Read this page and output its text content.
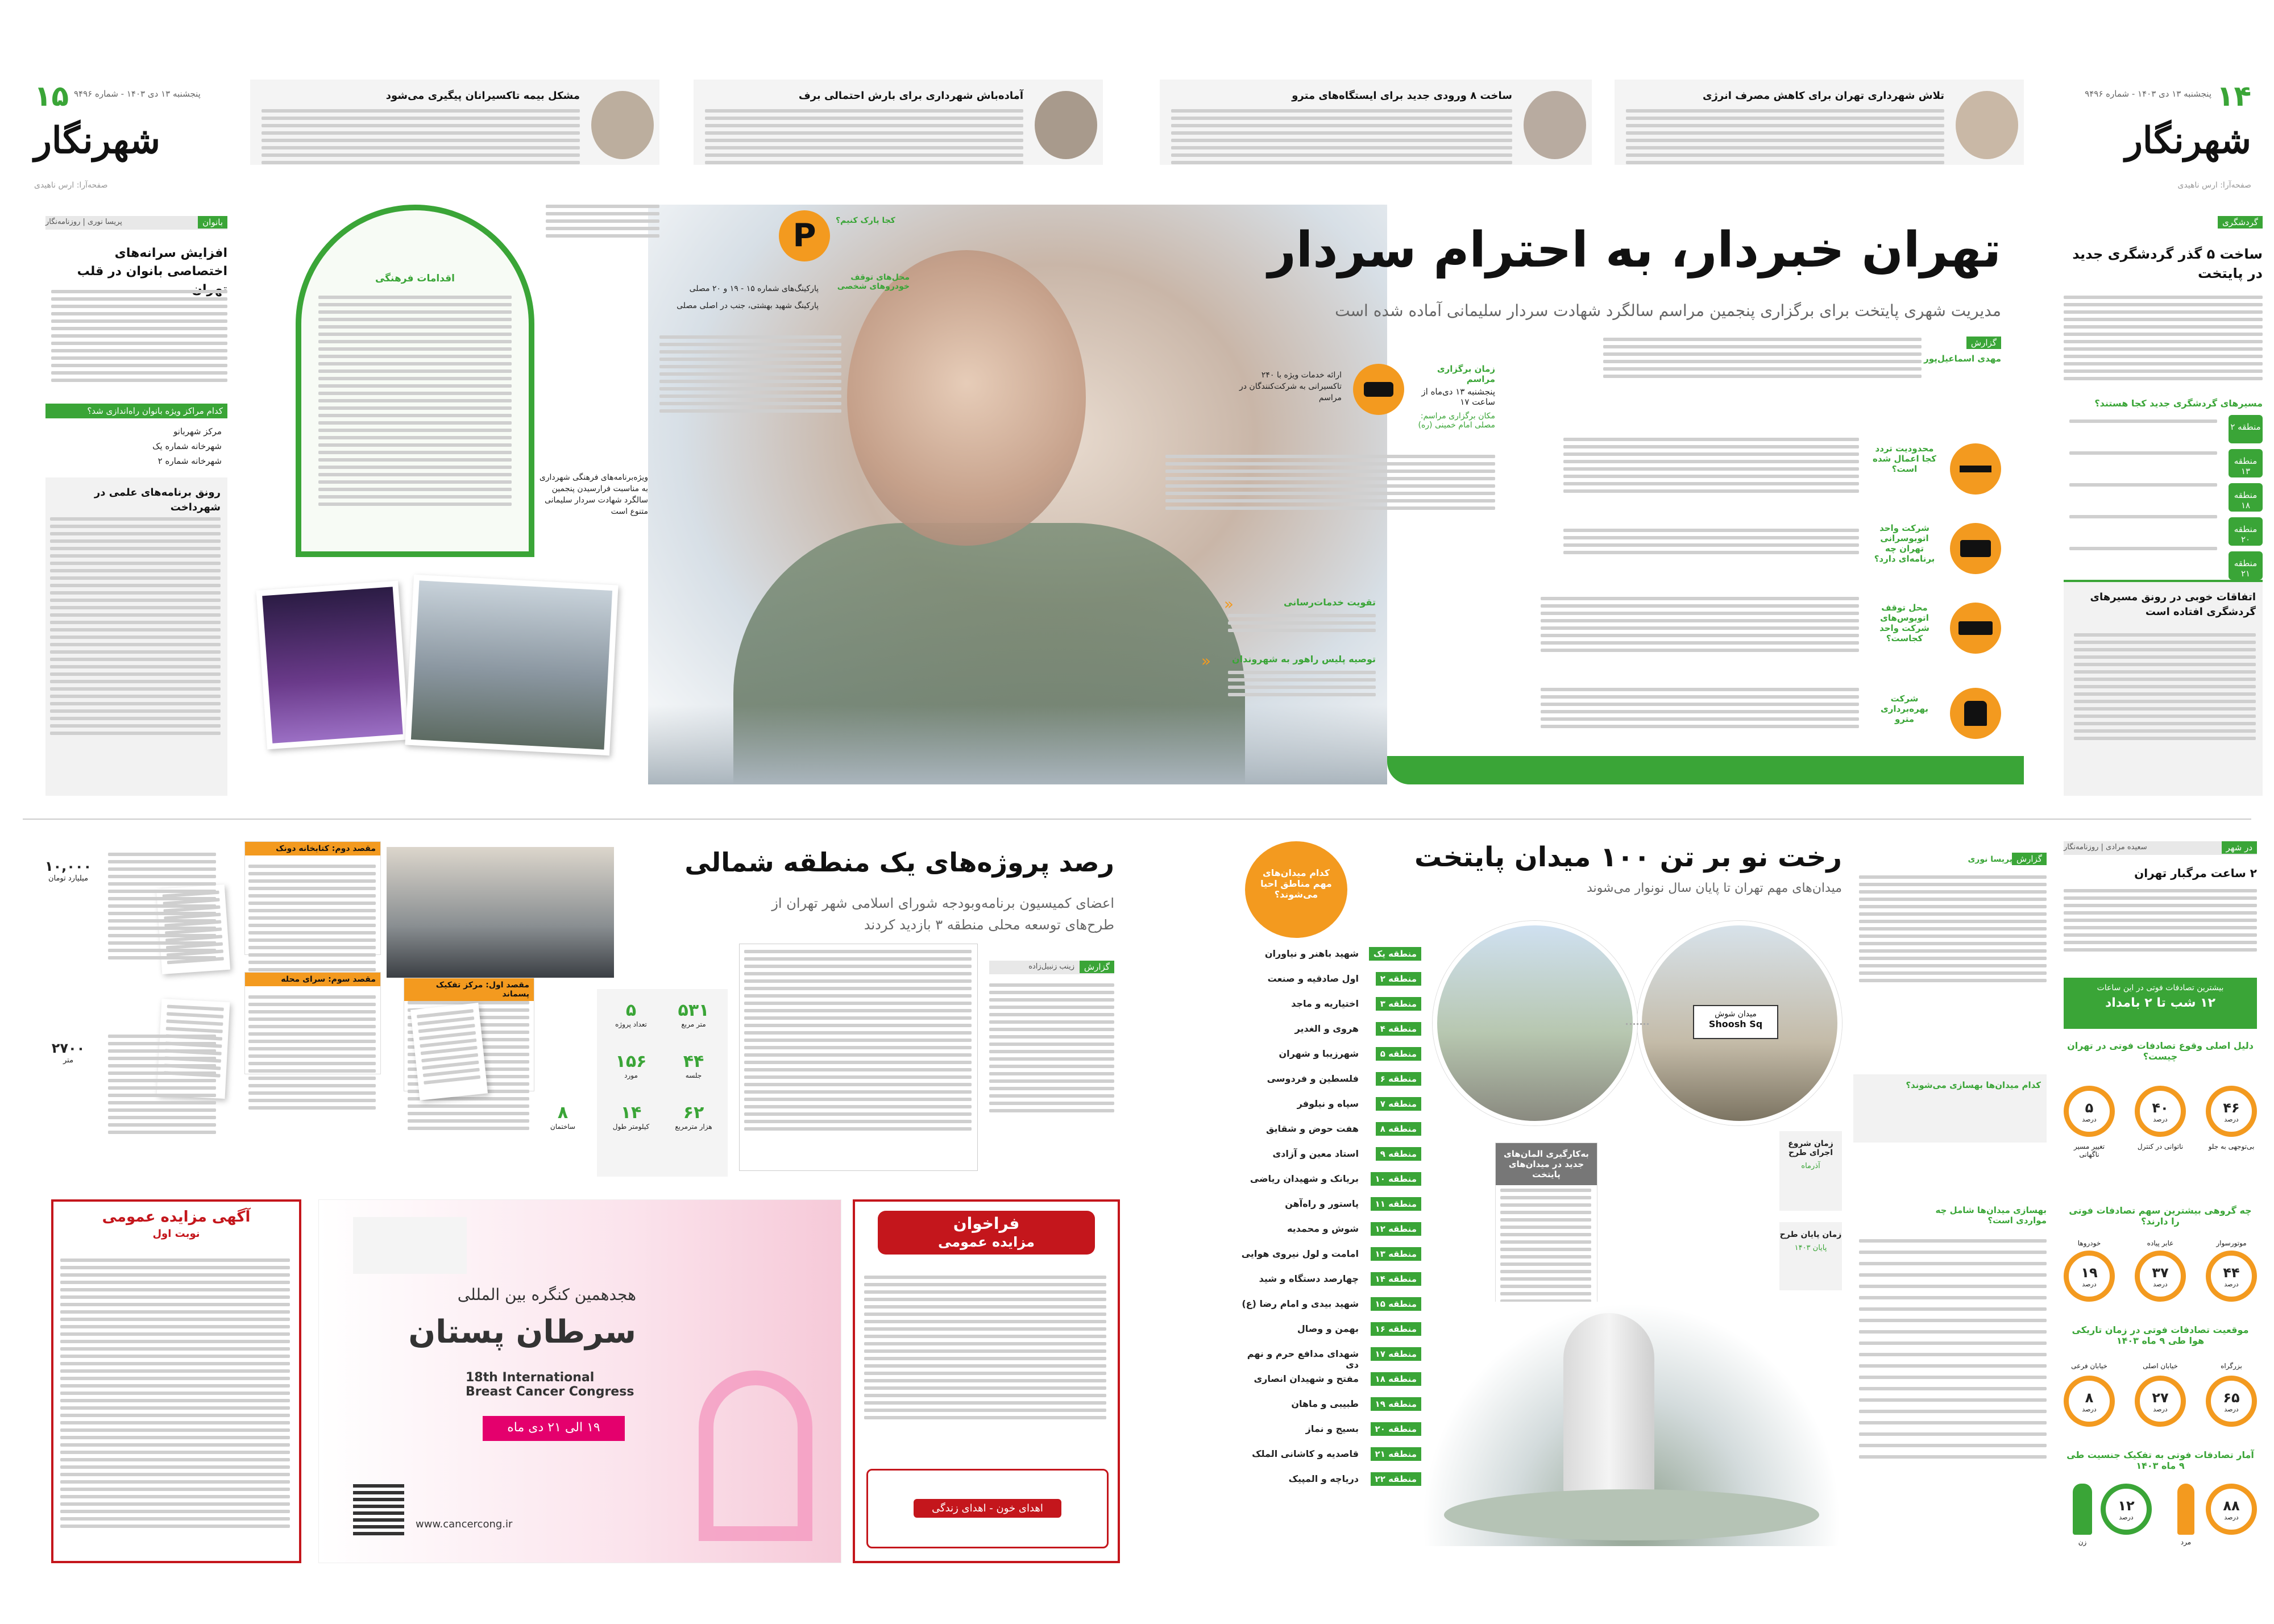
۱۴
شهرنگار
پنجشنبه ۱۳ دی ۱۴۰۳ - شماره ۹۴۹۶
صفحه‌آرا: ارس ناهیدی
۱۵
شهرنگار
پنجشنبه ۱۳ دی ۱۴۰۳ - شماره ۹۴۹۶
صفحه‌آرا: ارس ناهیدی
تلاش شهرداری تهران برای کاهش مصرف انرژی
ساخت ۸ ورودی جدید برای ایستگاه‌های مترو
آماده‌باش شهرداری برای بارش احتمالی برف
مشکل بیمه تاکسیرانان پیگیری می‌شود
گردشگری
ساخت ۵ گذر گردشگری جدید در پایتخت
مسیرهای گردشگری جدید کجا هستند؟
منطقه ۲
منطقه ۱۳
منطقه ۱۸
منطقه ۲۰
منطقه ۲۱
اتفاقات خوبی در رونق مسیرهای گردشگری افتاده است
بانوان
پریسا نوری | روزنامه‌نگار
افزایش سرانه‌های اختصاصی بانوان در قلب
کدام مراکز ویژه بانوان راه‌اندازی شد؟
مرکز شهربانو
شهرخانه شماره یک
شهرخانه شماره ۲
رونق برنامه‌های علمی در شهرداخت
تهران خبردار، به احترام سردار
مدیریت شهری پایتخت برای برگزاری پنجمین مراسم سالگرد شهادت سردار سلیمانی آماده شده است
گزارش
مهدی اسماعیل‌پور
محدودیت تردد کجا اعمال شده است؟
شرکت واحد اتوبوسرانی تهران چه برنامه‌ای دارد؟
محل توقف اتوبوس‌های شرکت واحد کجاست؟
شرکت بهره‌برداری مترو
زمان برگزاری مراسم
پنجشنبه ۱۳ دی‌ماه از ساعت ۱۷
مکان برگزاری مراسم: مصلی امام خمینی (ره)
ارائه خدمات ویژه با ۲۴۰ تاکسیرانی به شرکت‌کنندگان در مراسم
تقویت خدمات‌رسانی
«
توصیه پلیس راهور به شهروندان
«
P	کجا پارک کنیم؟
پارکینگ‌های شماره ۱۵ - ۱۹ و ۲۰ مصلی
پارکینگ شهید بهشتی، جنب در اصلی مصلی
محل‌های توقف خودروهای شخصی
اقدامات فرهنگی
ویژه‌برنامه‌های فرهنگی شهرداری به مناسبت فرارسیدن پنجمین سالگرد شهادت سردار سلیمانی متنوع است
در شهر
سعیده مرادی | روزنامه‌نگار
۲ ساعت مرگبار تهران
بیشترین تصادفات فوتی در این ساعات
۱۲ شب تا ۲ بامداد
دلیل اصلی وقوع تصادفات فوتی در تهران چیست؟
چه گروهی بیشترین سهم تصادفات فوتی را دارند؟
موقعیت تصادفات فوتی در زمان تاریکی هوا طی ۹ ماه ۱۴۰۳
آمار تصادفات فوتی به تفکیک جنسیت طی ۹ ماه ۱۴۰۳
۴۶
درصد
بی‌توجهی به جلو
۴۰
درصد
ناتوانی در کنترل
۵
درصد
تغییر مسیر ناگهانی
۴۴
درصد
موتورسوار
۳۷
درصد
عابر پیاده
۱۹
درصد
خودروها
۶۵
درصد
بزرگراه
۲۷
درصد
خیابان اصلی
۸
درصد
خیابان فرعی
۸۸
درصد
مرد
۱۲
درصد
زن
رخت نو بر تن ۱۰۰ میدان پایتخت
میدان‌های مهم تهران تا پایان سال نونوار می‌شوند
گزارش
پریسا نوری
کدام میدان‌ها بهسازی می‌شوند؟
بهسازی میدان‌ها شامل چه مواردی است؟
میدان شوش
Shoosh Sq
زمان شروع اجرای طرح
آذرماه
زمان پایان طرح
پایان ۱۴۰۳
به‌کارگیری المان‌های جدید در میدان‌های پایتخت
کدام میدان‌های مهم مناطق احیا می‌شوند؟
منطقه یک
شهید باهنر و نیاوران
منطقه ۲
اول صادقیه و صنعت
منطقه ۳
اختیاریه و ماجد
منطقه ۴
هروی و الغدیر
منطقه ۵
شهرزیبا و شهران
منطقه ۶
فلسطین و فردوسی
منطقه ۷
سپاه و نیلوفر
منطقه ۸
هفت حوض و شقایق
منطقه ۹
استاد معین و آزادی
منطقه ۱۰
بریانک و شهیدان ریاضی
منطقه ۱۱
پاستور و راه‌آهن
منطقه ۱۲
شوش و محمدیه
منطقه ۱۳
امامت و لول نیروی هوایی
منطقه ۱۴
چهارصد دستگاه و شید
منطقه ۱۵
شهید بیدی و امام رضا (ع)
منطقه ۱۶
بهمن و وصال
منطقه ۱۷
شهدای مدافع حرم و نهم دی
منطقه ۱۸
مفتح و شهیدان انصاری
منطقه ۱۹
طبیبی و ماهان
منطقه ۲۰
بسیج و نماز
منطقه ۲۱
قاصدیه و کاشانی الملک
منطقه ۲۲
دریاچه و المپیک
رصد پروژه‌های یک منطقه شمالی
اعضای کمیسیون برنامه‌وبودجه شورای اسلامی شهر تهران از طرح‌های توسعه محلی منطقه ۳ بازدید کردند
گزارش
زینب زنبیل‌زاده
۵۳۱
متر مربع
۵
تعداد پروژه
۴۴
جلسه
۱۵۶
مورد
۶۲
هزار مترمربع
۱۴
کیلومتر طول
۸
ساختمان
مقصد دوم: کتابخانه دونک
مقصد سوم: سرای محله
مقصد اول: مرکز تفکیک پسماند
۱۰,۰۰۰
میلیارد تومان
۲۷۰۰
متر
آگهی مزایده عمومی
نوبت اول
هجدهمین کنگره بین المللی
سرطان پستان
18th International Breast Cancer Congress
۱۹ الی ۲۱ دی ماه
www.cancercong.ir
فراخوان
مزایده عمومی
اهدای خون - اهدای زندگی
